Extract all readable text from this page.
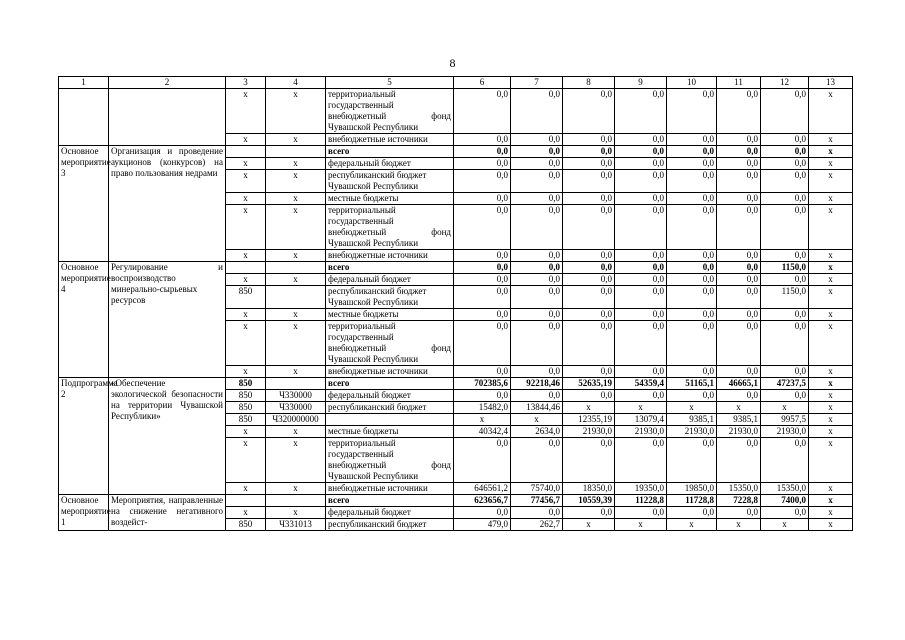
8
1	2	3	4	5	6	7	8	9	10	11	12	13
		х	х	территориальный государственный внебюджетный фонд Чувашской Республики	0,0	0,0	0,0	0,0	0,0	0,0	0,0	х
		х	х	внебюджетные источники	0,0	0,0	0,0	0,0	0,0	0,0	0,0	х
Основное мероприятие 3	Организация и проведение аукционов (конкурсов) на право пользования недрами			всего	0,0	0,0	0,0	0,0	0,0	0,0	0,0	х
		х	х	федеральный бюджет	0,0	0,0	0,0	0,0	0,0	0,0	0,0	х
		х	х	республиканский бюджет Чувашской Республики	0,0	0,0	0,0	0,0	0,0	0,0	0,0	х
		х	х	местные бюджеты	0,0	0,0	0,0	0,0	0,0	0,0	0,0	х
		х	х	территориальный государственный внебюджетный фонд Чувашской Республики	0,0	0,0	0,0	0,0	0,0	0,0	0,0	х
		х	х	внебюджетные источники	0,0	0,0	0,0	0,0	0,0	0,0	0,0	х
Основное мероприятие 4	Регулирование и воспроизводство минерально-сырьевых ресурсов			всего	0,0	0,0	0,0	0,0	0,0	0,0	1150,0	х
		х	х	федеральный бюджет	0,0	0,0	0,0	0,0	0,0	0,0	0,0	х
		850		республиканский бюджет Чувашской Республики	0,0	0,0	0,0	0,0	0,0	0,0	1150,0	х
		х	х	местные бюджеты	0,0	0,0	0,0	0,0	0,0	0,0	0,0	х
		х	х	территориальный государственный внебюджетный фонд Чувашской Республики	0,0	0,0	0,0	0,0	0,0	0,0	0,0	х
		х	х	внебюджетные источники	0,0	0,0	0,0	0,0	0,0	0,0	0,0	х
Подпрограмма 2	«Обеспечение экологической безопасности на территории Чувашской Республики»	850		всего	702385,6	92218,46	52635,19	54359,4	51165,1	46665,1	47237,5	х
		850	Ч330000	федеральный бюджет	0,0	0,0	0,0	0,0	0,0	0,0	0,0	х
		850	Ч330000	республиканский бюджет	15482,0	13844,46	х	х	х	х	х	х
		850	Ч320000000		х	х	12355,19	13079,4	9385,1	9385,1	9957,5	х
		х	х	местные бюджеты	40342,4	2634,0	21930,0	21930,0	21930,0	21930,0	21930,0	х
		х	х	территориальный государственный внебюджетный фонд Чувашской Республики	0,0	0,0	0,0	0,0	0,0	0,0	0,0	х
		х	х	внебюджетные источники	646561,2	75740,0	18350,0	19350,0	19850,0	15350,0	15350,0	х
Основное мероприятие 1	Мероприятия, направленные на снижение негативного воздейст-			всего	623656,7	77456,7	10559,39	11228,8	11728,8	7228,8	7400,0	х
		х	х	федеральный бюджет	0,0	0,0	0,0	0,0	0,0	0,0	0,0	х
		850	Ч331013	республиканский бюджет	479,0	262,7	х	х	х	х	х	х
